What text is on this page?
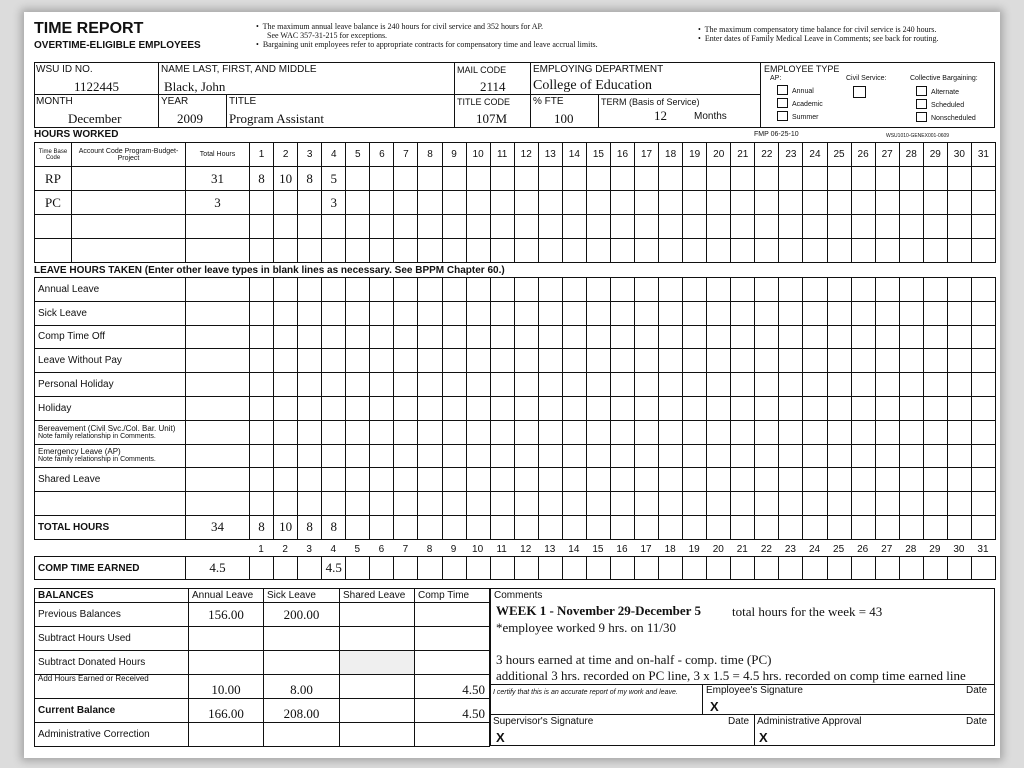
TIME REPORT
OVERTIME-ELIGIBLE EMPLOYEES
•  The maximum annual leave balance is 240 hours for civil service and 352 hours for AP.
See WAC 357-31-215 for exceptions.
•  Bargaining unit employees refer to appropriate contracts for compensatory time and leave accrual limits.
•  The maximum compensatory time balance for civil service is 240 hours.
•  Enter dates of Family Medical Leave in Comments; see back for routing.
WSU ID NO.
1122445
NAME LAST, FIRST, AND MIDDLE
Black, John
MAIL CODE
2114
EMPLOYING DEPARTMENT
College of Education
MONTH
December
YEAR
2009
TITLE
Program Assistant
TITLE CODE
107M
% FTE
100
TERM (Basis of Service)
12	Months
EMPLOYEE TYPE
AP:	Civil Service:	Collective Bargaining:
Annual
Academic
Summer
Alternate
Scheduled
Nonscheduled
HOURS WORKED	FMP 06-25-10	WSU1010-GENEX001-0609
Time Base Code	Account Code Program-Budget-Project	Total Hours	1	2	3	4	5	6	7	8	9	10	11	12	13	14	15	16	17	18	19	20	21	22	23	24	25	26	27	28	29	30	31
RP		31	8	10	8	5																											
PC		3				3																											

LEAVE HOURS TAKEN (Enter other leave types in blank lines as necessary. See BPPM Chapter 60.)
Annual Leave																																
Sick Leave																																
Comp Time Off																																
Leave Without Pay																																
Personal Holiday																																
Holiday																																

Bereavement (Civil Svc./Col. Bar. Unit)
Note family relationship in Comments.																																

Emergency Leave (AP)
Note family relationship in Comments.																																

Shared Leave																																

TOTAL HOURS	34	8	10	8	8																											
1	2	3	4	5	6	7	8	9	10	11	12	13	14	15	16	17	18	19	20	21	22	23	24	25	26	27	28	29	30	31
COMP TIME EARNED	4.5				4.5																											
BALANCES	Annual Leave	Sick Leave	Shared Leave	Comp Time
Previous Balances	156.00	200.00		
Subtract Hours Used				
Subtract Donated Hours				
Add Hours Earned or Received	10.00	8.00		4.50
Current Balance	166.00	208.00		4.50
Administrative Correction				
Comments
WEEK 1 - November 29-December 5 total hours for the week = 43
*employee worked 9 hrs. on 11/30
3 hours earned at time and on-half - comp. time (PC)
additional 3 hrs. recorded on PC line, 3 x 1.5 = 4.5 hrs. recorded on comp time earned line
I certify that this is an accurate report of my work and leave.	Employee's Signature	Date
X
Supervisor's Signature	Date
X
Administrative Approval	Date
X
